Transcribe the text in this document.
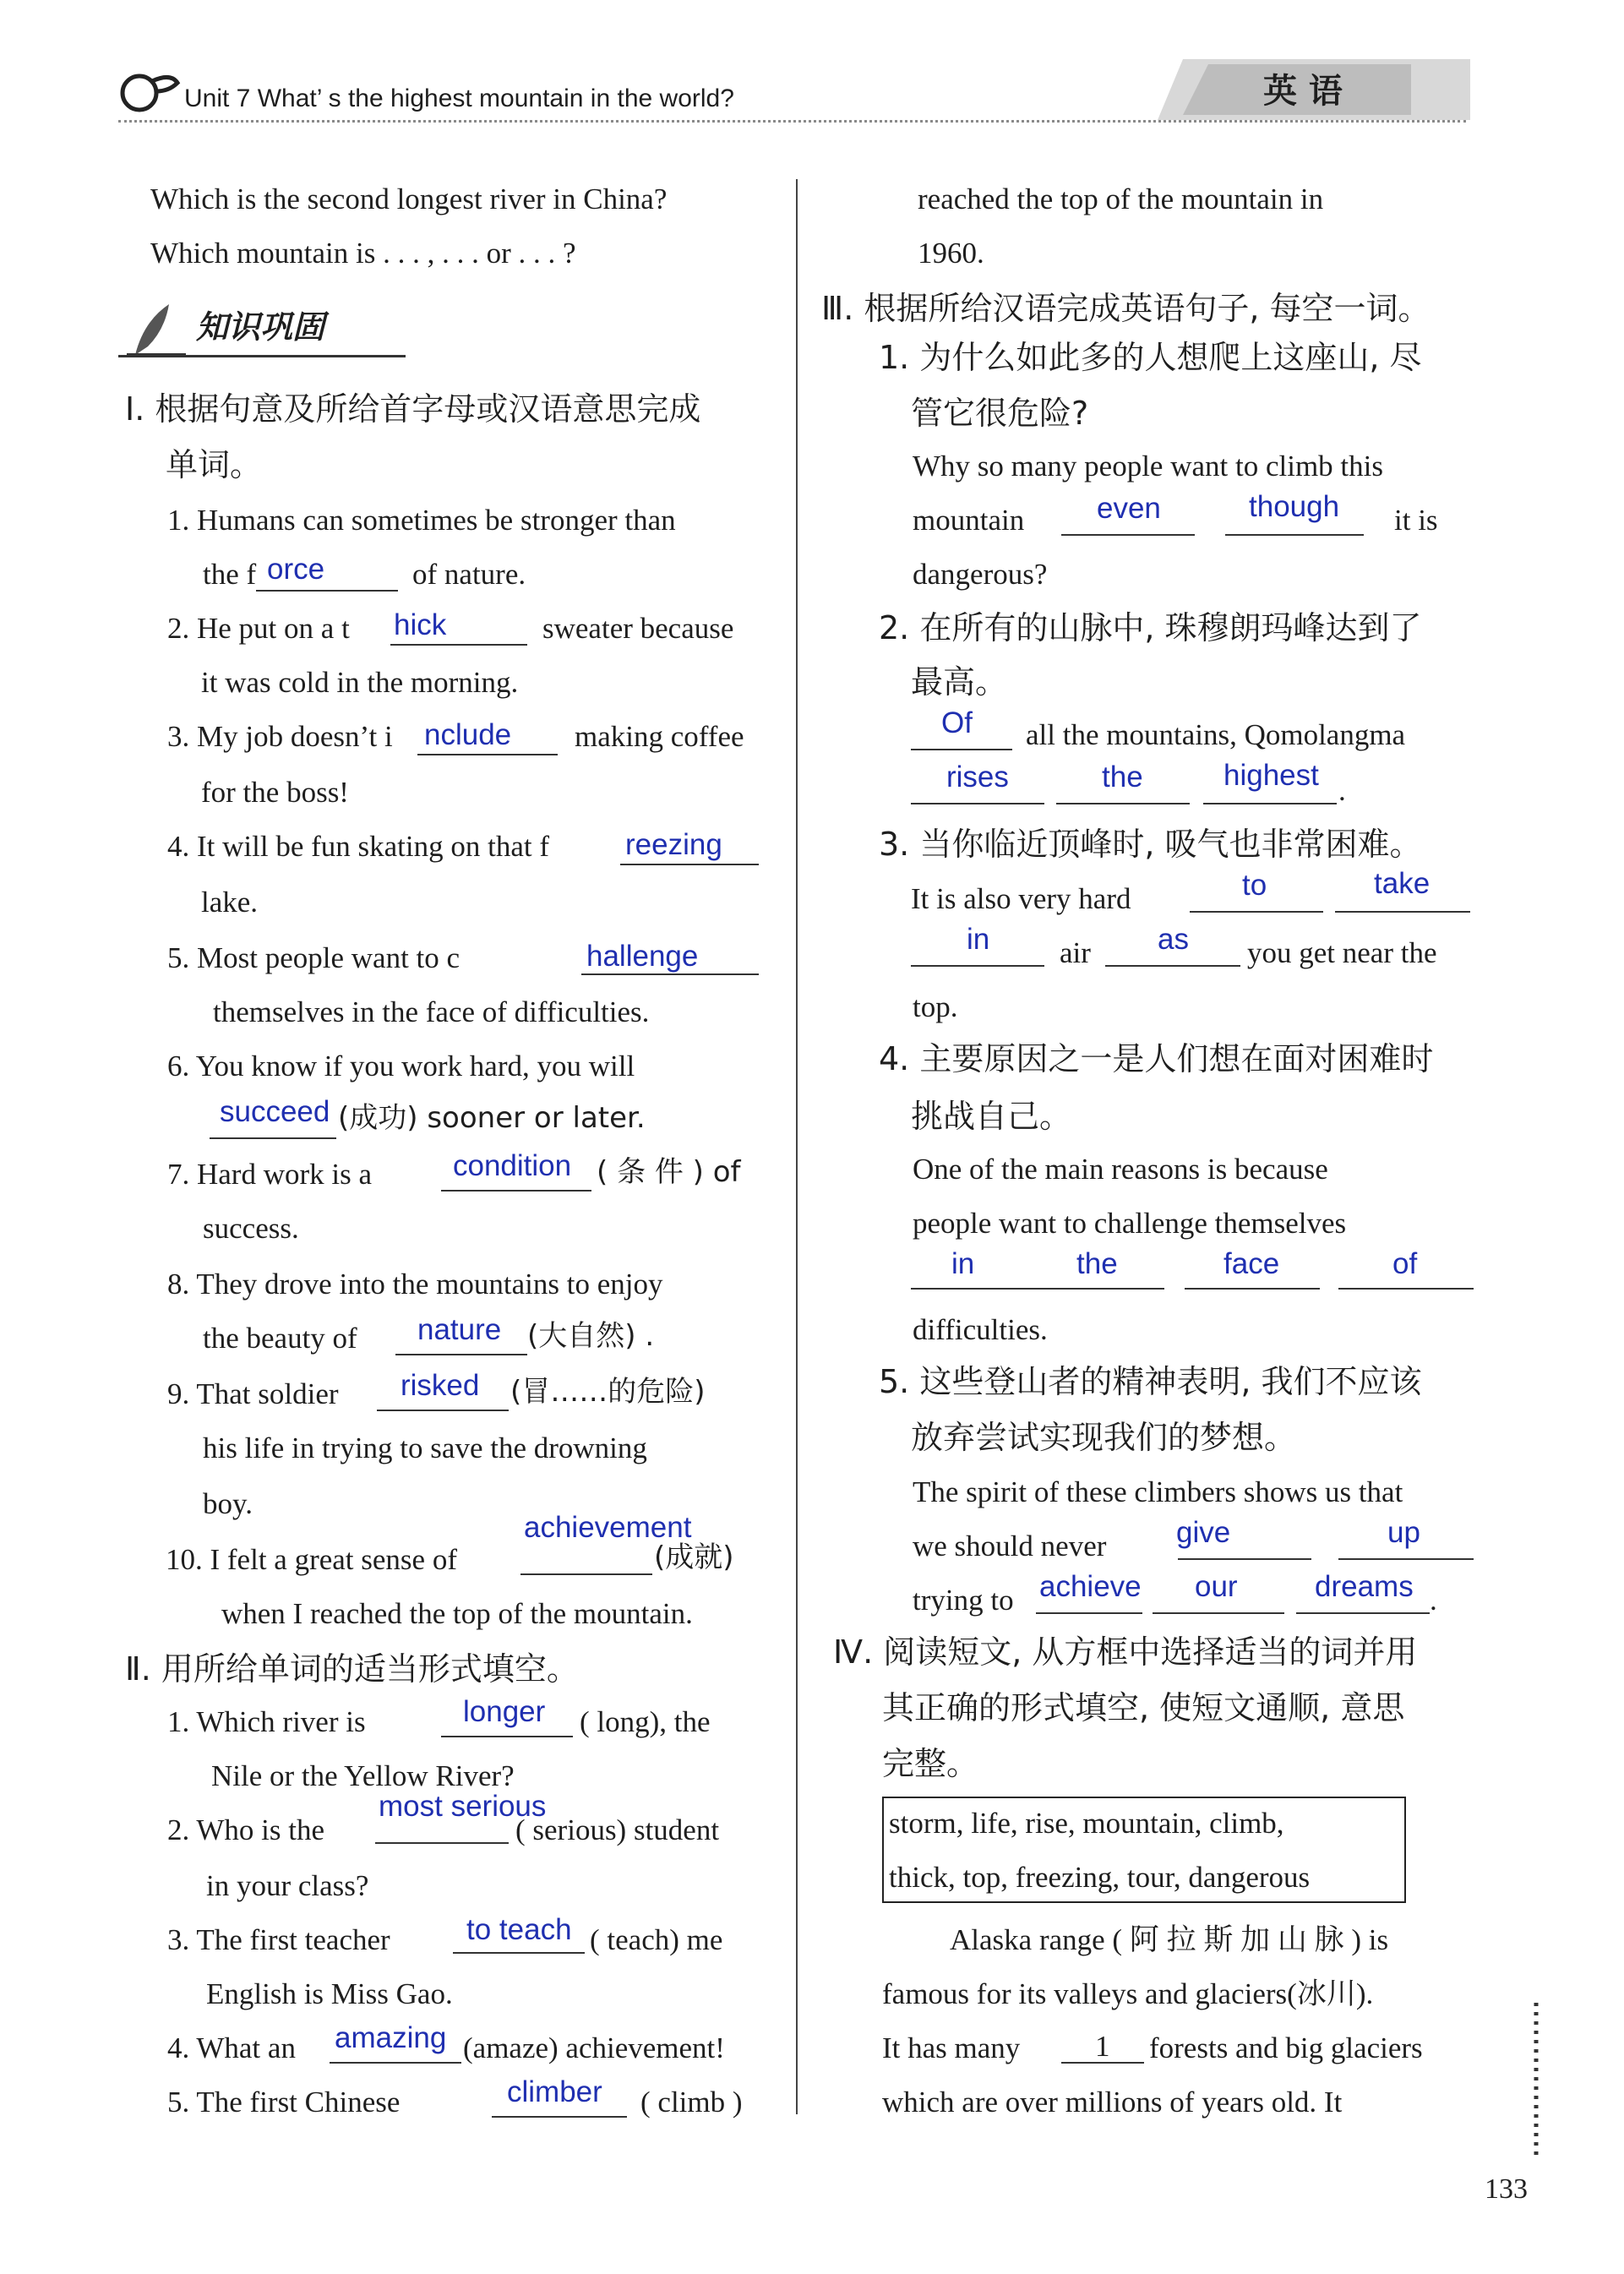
Unit 7 What’ s the highest mountain in the world?	英 语
Which is the second longest river in China?
Which mountain is . . . , . . . or . . . ?
知识巩固
Ⅰ. 根据句意及所给首字母或汉语意思完成
单词。
1. Humans can sometimes be stronger than
the f orce	of nature.
2. He put on a t hick	sweater because
it was cold in the morning.
3. My job doesn’t i nclude making coffee
for the boss!
4. It will be fun skating on that f	reezing
lake.
5. Most people want to c	hallenge
themselves in the face of difficulties.
6. You know if you work hard, you will
succeed (成功) sooner or later.
7. Hard work is a	condition ( 条 件 ) of
success.
8. They drove into the mountains to enjoy
the beauty of nature (大自然) .
9. That soldier risked (冒……的危险)
his life in trying to save the drowning
boy.
achievement
10. I felt a great sense of	(成就)
when I reached the top of the mountain.
Ⅱ. 用所给单词的适当形式填空。
1. Which river is	longer ( long), the
Nile or the Yellow River?
most serious
2. Who is the	( serious) student
in your class?
3. The first teacher	to teach ( teach) me
English is Miss Gao.
4. What an amazing (amaze) achievement!
5. The first Chinese	climber ( climb )
reached the top of the mountain in
1960.
Ⅲ. 根据所给汉语完成英语句子, 每空一词。
1. 为什么如此多的人想爬上这座山, 尽
管它很危险?
Why so many people want to climb this
mountain even	though it is
dangerous?
2. 在所有的山脉中, 珠穆朗玛峰达到了
最高。
Of all the mountains, Qomolangma
rises	the	highest .
3. 当你临近顶峰时, 吸气也非常困难。
It is also very hard	to	take
in air as you get near the
top.
4. 主要原因之一是人们想在面对困难时
挑战自己。
One of the main reasons is because
people want to challenge themselves
in	the	face	of
difficulties.
5. 这些登山者的精神表明, 我们不应该
放弃尝试实现我们的梦想。
The spirit of these climbers shows us that
we should never give	up
trying to achieve our	dreams .
Ⅳ. 阅读短文, 从方框中选择适当的词并用
其正确的形式填空, 使短文通顺, 意思
完整。
storm, life, rise, mountain, climb,
thick, top, freezing, tour, dangerous
Alaska range ( 阿 拉 斯 加 山 脉 ) is
famous for its valleys and glaciers(冰川).
It has many	1 forests and big glaciers
which are over millions of years old. It
133
